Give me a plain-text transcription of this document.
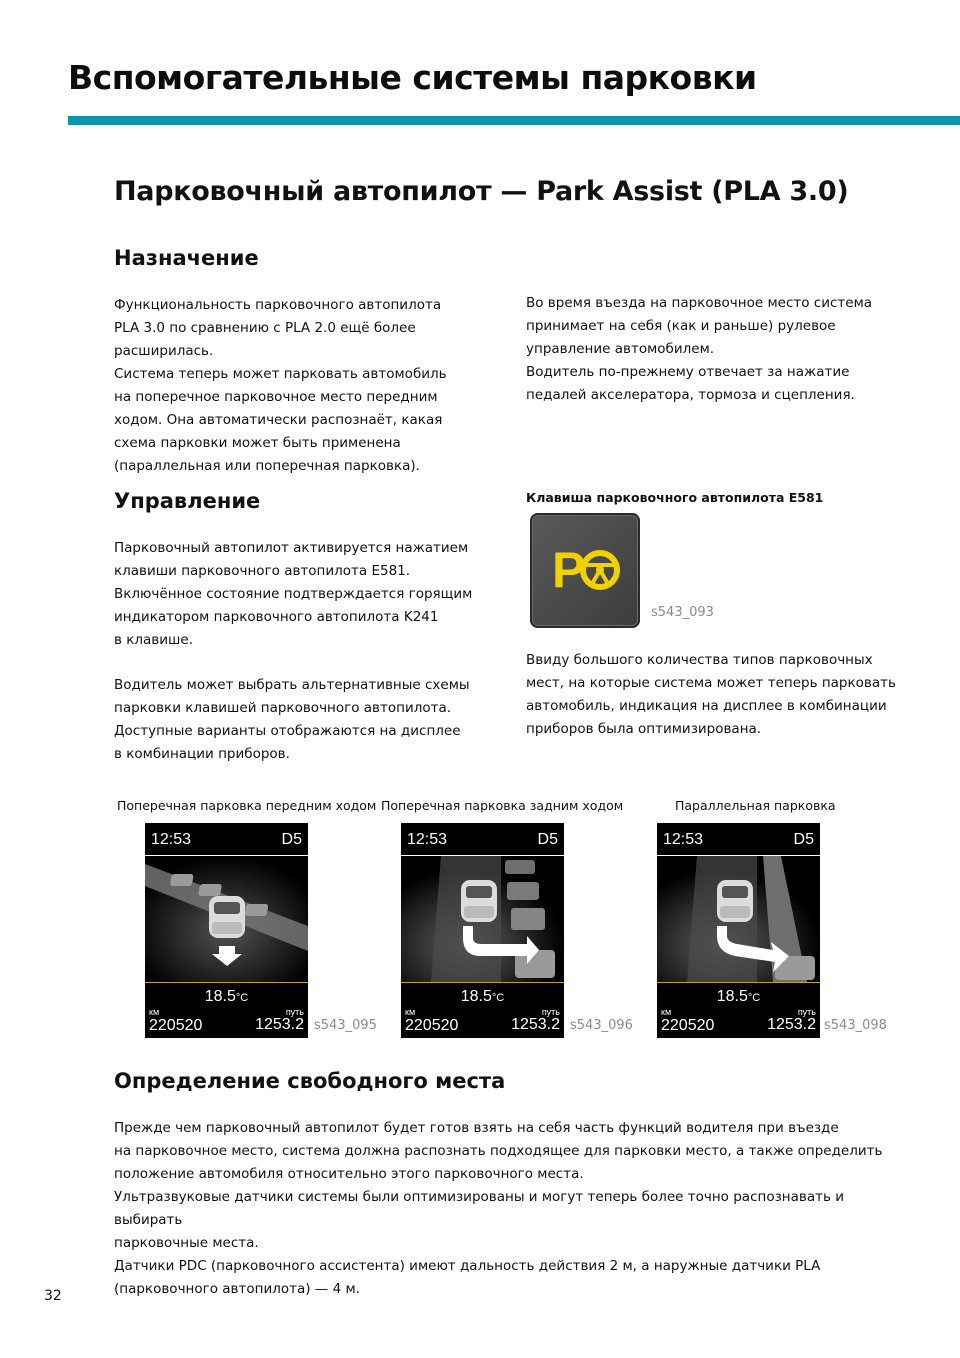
Вспомогательные системы парковки
Парковочный автопилот — Park Assist (PLA 3.0)
Назначение

Функциональность парковочного автопилота

PLA 3.0 по сравнению с PLA 2.0 ещё более

расширилась.

Система теперь может парковать автомобиль

на поперечное парковочное место передним

ходом. Она автоматически распознаёт, какая

схема парковки может быть применена

(параллельная или поперечная парковка).

Во время въезда на парковочное место система

принимает на себя (как и раньше) рулевое

управление автомобилем.

Водитель по-прежнему отвечает за нажатие

педалей акселератора, тормоза и сцепления.

Управление

Парковочный автопилот активируется нажатием

клавиши парковочного автопилота E581.

Включённое состояние подтверждается горящим

индикатором парковочного автопилота K241

в клавише.

Водитель может выбрать альтернативные схемы

парковки клавишей парковочного автопилота.

Доступные варианты отображаются на дисплее

в комбинации приборов.

Клавиша парковочного автопилота E581
P
s543_093

Ввиду большого количества типов парковочных

мест, на которые система может теперь парковать

автомобиль, индикация на дисплее в комбинации

приборов была оптимизирована.

Поперечная парковка передним ходом
12:53	D5
18.5°C
км	путь
220520	1253.2 s543_095
Поперечная парковка задним ходом
12:53	D5
18.5°C
км	путь
220520	1253.2 s543_096
Параллельная парковка
12:53	D5
18.5°C
км	путь
220520	1253.2 s543_098
Определение свободного места

Прежде чем парковочный автопилот будет готов взять на себя часть функций водителя при въезде

на парковочное место, система должна распознать подходящее для парковки место, а также определить

положение автомобиля относительно этого парковочного места.

Ультразвуковые датчики системы были оптимизированы и могут теперь более точно распознавать и выбирать

парковочные места.

Датчики PDC (парковочного ассистента) имеют дальность действия 2 м, а наружные датчики PLA

(парковочного автопилота) — 4 м.

32
